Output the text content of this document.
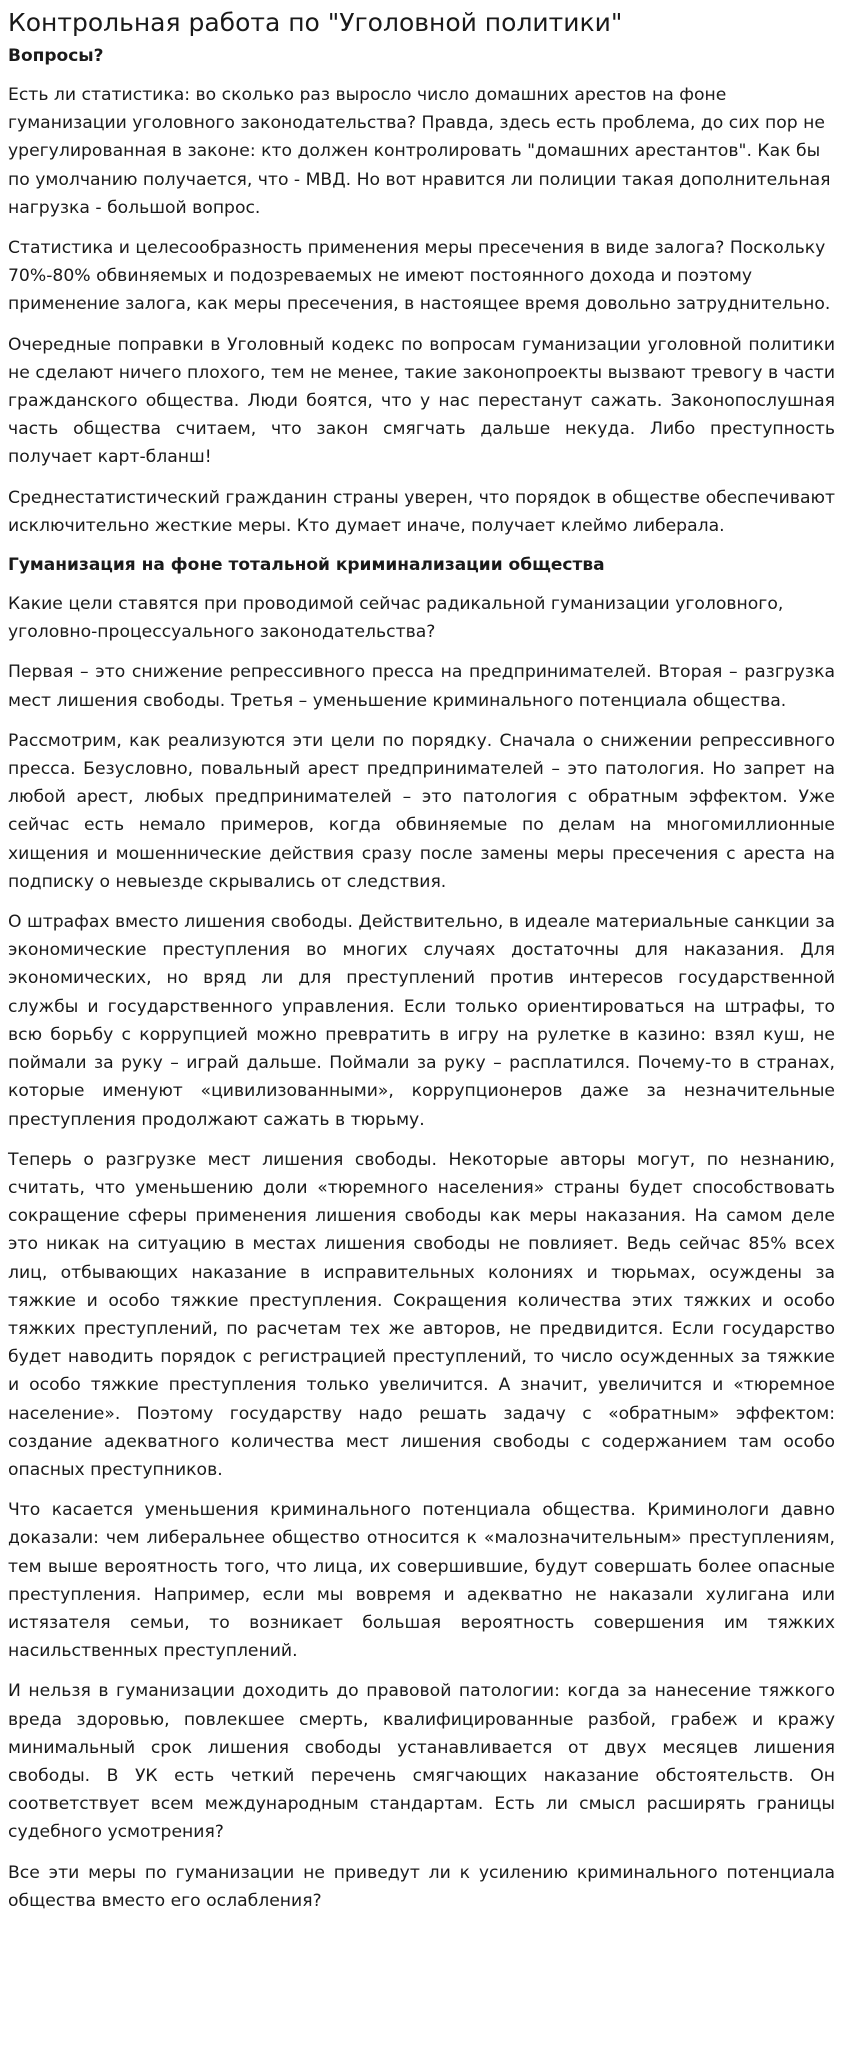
Контрольная работа по "Уголовной политики"
Вопросы?

Есть ли статистика: во сколько раз выросло число домашних арестов на фоне гуманизации уголовного законодательства? Правда, здесь есть проблема, до сих пор не урегулированная в законе: кто должен контролировать "домашних арестантов". Как бы по умолчанию получается, что - МВД. Но вот нравится ли полиции такая дополнительная нагрузка - большой вопрос.

Статистика и целесообразность применения меры пресечения в виде залога? Поскольку 70%-80% обвиняемых и подозреваемых не имеют постоянного дохода и поэтому применение залога, как меры пресечения, в настоящее время довольно затруднительно.

Очередные поправки в Уголовный кодекс по вопросам гуманизации уголовной политики не сделают ничего плохого, тем не менее, такие законопроекты вызвают тревогу в части гражданского общества. Люди боятся, что у нас перестанут сажать. Законопослушная часть общества считаем, что закон смягчать дальше некуда. Либо преступность получает карт-бланш!

Среднестатистический гражданин страны уверен, что порядок в обществе обеспечивают исключительно жесткие меры. Кто думает иначе, получает клеймо либерала.

Гуманизация на фоне тотальной криминализации общества

Какие цели ставятся при проводимой сейчас радикальной гуманизации уголовного, уголовно-процессуального законодательства?

Первая – это снижение репрессивного пресса на предпринимателей. Вторая – разгрузка мест лишения свободы. Третья – уменьшение криминального потенциала общества.

Рассмотрим, как реализуются эти цели по порядку. Сначала о снижении репрессивного пресса. Безусловно, повальный арест предпринимателей – это патология. Но запрет на любой арест, любых предпринимателей – это патология с обратным эффектом. Уже сейчас есть немало примеров, когда обвиняемые по делам на многомиллионные хищения и мошеннические действия сразу после замены меры пресечения с ареста на подписку о невыезде скрывались от следствия.

О штрафах вместо лишения свободы. Действительно, в идеале материальные санкции за экономические преступления во многих случаях достаточны для наказания. Для экономических, но вряд ли для преступлений против интересов государственной службы и государственного управления. Если только ориентироваться на штрафы, то всю борьбу с коррупцией можно превратить в игру на рулетке в казино: взял куш, не поймали за руку – играй дальше. Поймали за руку – расплатился. Почему-то в странах, которые именуют «цивилизованными», коррупционеров даже за незначительные преступления продолжают сажать в тюрьму.

Теперь о разгрузке мест лишения свободы. Некоторые авторы могут, по незнанию, считать, что уменьшению доли «тюремного населения» страны будет способствовать сокращение сферы применения лишения свободы как меры наказания. На самом деле это никак на ситуацию в местах лишения свободы не повлияет. Ведь сейчас 85% всех лиц, отбывающих наказание в исправительных колониях и тюрьмах, осуждены за тяжкие и особо тяжкие преступления. Сокращения количества этих тяжких и особо тяжких преступлений, по расчетам тех же авторов, не предвидится. Если государство будет наводить порядок с регистрацией преступлений, то число осужденных за тяжкие и особо тяжкие преступления только увеличится. А значит, увеличится и «тюремное население». Поэтому государству надо решать задачу с «обратным» эффектом: создание адекватного количества мест лишения свободы с содержанием там особо опасных преступников.

Что касается уменьшения криминального потенциала общества. Криминологи давно доказали: чем либеральнее общество относится к «малозначительным» преступлениям, тем выше вероятность того, что лица, их совершившие, будут совершать более опасные преступления. Например, если мы вовремя и адекватно не наказали хулигана или истязателя семьи, то возникает большая вероятность совершения им тяжких насильственных преступлений.

И нельзя в гуманизации доходить до правовой патологии: когда за нанесение тяжкого вреда здоровью, повлекшее смерть, квалифицированные разбой, грабеж и кражу минимальный срок лишения свободы устанавливается от двух месяцев лишения свободы. В УК есть четкий перечень смягчающих наказание обстоятельств. Он соответствует всем международным стандартам. Есть ли смысл расширять границы судебного усмотрения?

Все эти меры по гуманизации не приведут ли к усилению криминального потенциала общества вместо его ослабления?
